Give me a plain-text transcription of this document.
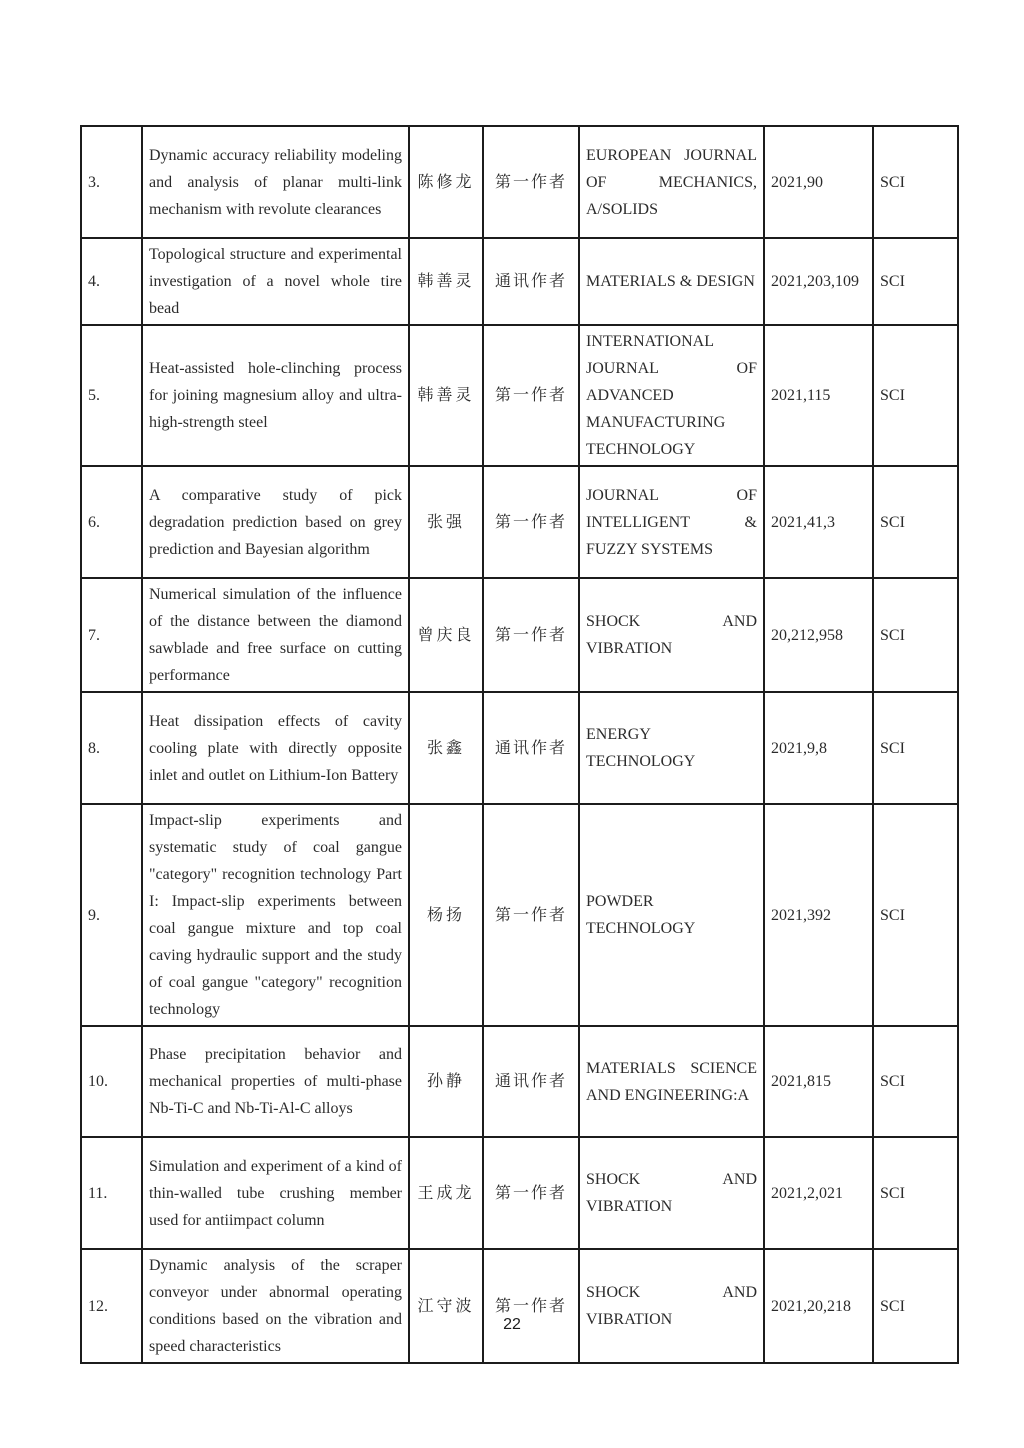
3.	Dynamic accuracy reliability modeling and analysis of planar multi-link mechanism with revolute clearances	陈修龙	第一作者	EUROPEAN JOURNAL OF MECHANICS, A/SOLIDS	2021,90	SCI
4.	Topological structure and experimental investigation of a novel whole tire bead	韩善灵	通讯作者	MATERIALS & DESIGN	2021,203,109	SCI
5.	Heat-assisted hole-clinching process for joining magnesium alloy and ultra-high-strength steel	韩善灵	第一作者	INTERNATIONAL JOURNAL OF ADVANCED MANUFACTURING TECHNOLOGY	2021,115	SCI
6.	A comparative study of pick degradation prediction based on grey prediction and Bayesian algorithm	张强	第一作者	JOURNAL OF INTELLIGENT & FUZZY SYSTEMS	2021,41,3	SCI
7.	Numerical simulation of the influence of the distance between the diamond sawblade and free surface on cutting performance	曾庆良	第一作者	SHOCK AND VIBRATION	20,212,958	SCI
8.	Heat dissipation effects of cavity cooling plate with directly opposite inlet and outlet on Lithium-Ion Battery	张鑫	通讯作者	ENERGY TECHNOLOGY	2021,9,8	SCI
9.	Impact-slip experiments and systematic study of coal gangue "category" recognition technology Part I: Impact-slip experiments between coal gangue mixture and top coal caving hydraulic support and the study of coal gangue "category" recognition technology	杨扬	第一作者	POWDER TECHNOLOGY	2021,392	SCI
10.	Phase precipitation behavior and mechanical properties of multi-phase Nb-Ti-C and Nb-Ti-Al-C alloys	孙静	通讯作者	MATERIALS SCIENCE AND ENGINEERING:A	2021,815	SCI
11.	Simulation and experiment of a kind of thin-walled tube crushing member used for antiimpact column	王成龙	第一作者	SHOCK AND VIBRATION	2021,2,021	SCI
12.	Dynamic analysis of the scraper conveyor under abnormal operating conditions based on the vibration and speed characteristics	江守波	第一作者	SHOCK AND VIBRATION	2021,20,218	SCI
22
